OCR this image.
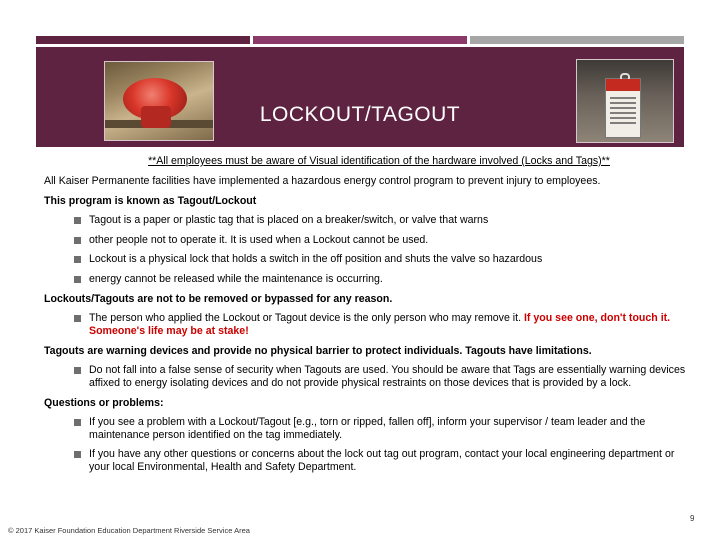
LOCKOUT/TAGOUT
**All employees must be aware of Visual identification of the hardware involved (Locks and Tags)**
All Kaiser Permanente facilities have implemented a hazardous energy control program to prevent injury to employees.
This program is known as Tagout/Lockout
Tagout is a paper or plastic tag that is placed on a breaker/switch, or valve that warns
other people not to operate it. It is used when a Lockout cannot be used.
Lockout is a physical lock that holds a switch in the off position and shuts the valve so hazardous
energy cannot be released while the maintenance is occurring.
Lockouts/Tagouts are not to be removed or bypassed for any reason.
The person who applied the Lockout or Tagout device is the only person who may remove it. If you see one, don't touch it. Someone's life may be at stake!
Tagouts are warning devices and provide no physical barrier to protect individuals. Tagouts have limitations.
Do not fall into a false sense of security when Tagouts are used. You should be aware that Tags are essentially warning devices affixed to energy isolating devices and do not provide physical restraints on those devices that is provided by a lock.
Questions or problems:
If you see a problem with a Lockout/Tagout [e.g., torn or ripped, fallen off], inform your supervisor / team leader and the maintenance person identified on the tag immediately.
If you have any other questions or concerns about the lock out tag out program, contact your local engineering department or your local Environmental, Health and Safety Department.
© 2017 Kaiser Foundation Education Department Riverside Service Area
9
